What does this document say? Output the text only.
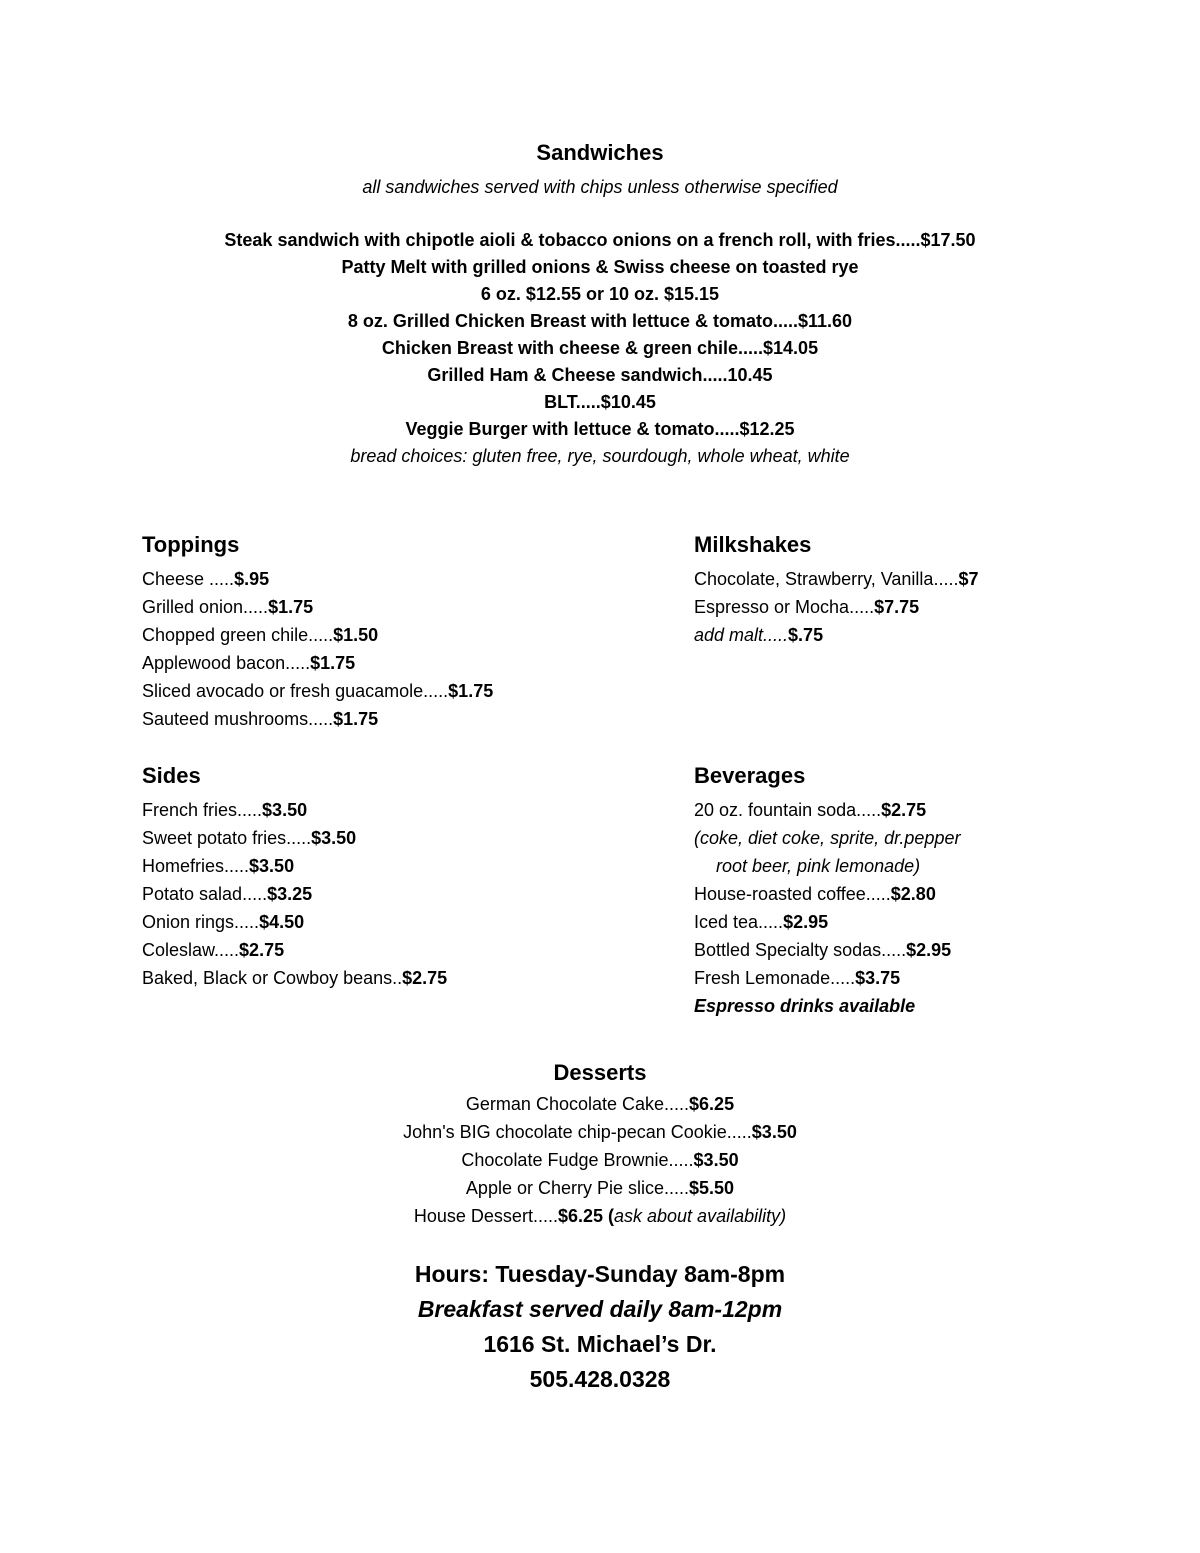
Sandwiches
all sandwiches served with chips unless otherwise specified
Steak sandwich with chipotle aioli & tobacco onions on a french roll, with fries.....$17.50
Patty Melt with grilled onions & Swiss cheese on toasted rye
6 oz. $12.55 or 10 oz. $15.15
8 oz. Grilled Chicken Breast with lettuce & tomato.....$11.60
Chicken Breast with cheese & green chile.....$14.05
Grilled Ham & Cheese sandwich.....10.45
BLT.....$10.45
Veggie Burger with lettuce & tomato.....$12.25
bread choices: gluten free, rye, sourdough, whole wheat, white
Toppings
Cheese .....$.95
Grilled onion.....$1.75
Chopped green chile.....$1.50
Applewood bacon.....$1.75
Sliced avocado or fresh guacamole.....$1.75
Sauteed mushrooms.....$1.75
Milkshakes
Chocolate, Strawberry, Vanilla.....$7
Espresso or Mocha.....$7.75
add malt.....$.75
Sides
French fries.....$3.50
Sweet potato fries.....$3.50
Homefries.....$3.50
Potato salad.....$3.25
Onion rings.....$4.50
Coleslaw.....$2.75
Baked, Black or Cowboy beans..$2.75
Beverages
20 oz. fountain soda.....$2.75
(coke, diet coke, sprite, dr.pepper
root beer, pink lemonade)
House-roasted coffee.....$2.80
Iced tea.....$2.95
Bottled Specialty sodas.....$2.95
Fresh Lemonade.....$3.75
Espresso drinks available
Desserts
German Chocolate Cake.....$6.25
John's BIG chocolate chip-pecan Cookie.....$3.50
Chocolate Fudge Brownie.....$3.50
Apple or Cherry Pie slice.....$5.50
House Dessert.....$6.25 (ask about availability)
Hours: Tuesday-Sunday 8am-8pm
Breakfast served daily 8am-12pm
1616 St. Michael’s Dr.
505.428.0328
